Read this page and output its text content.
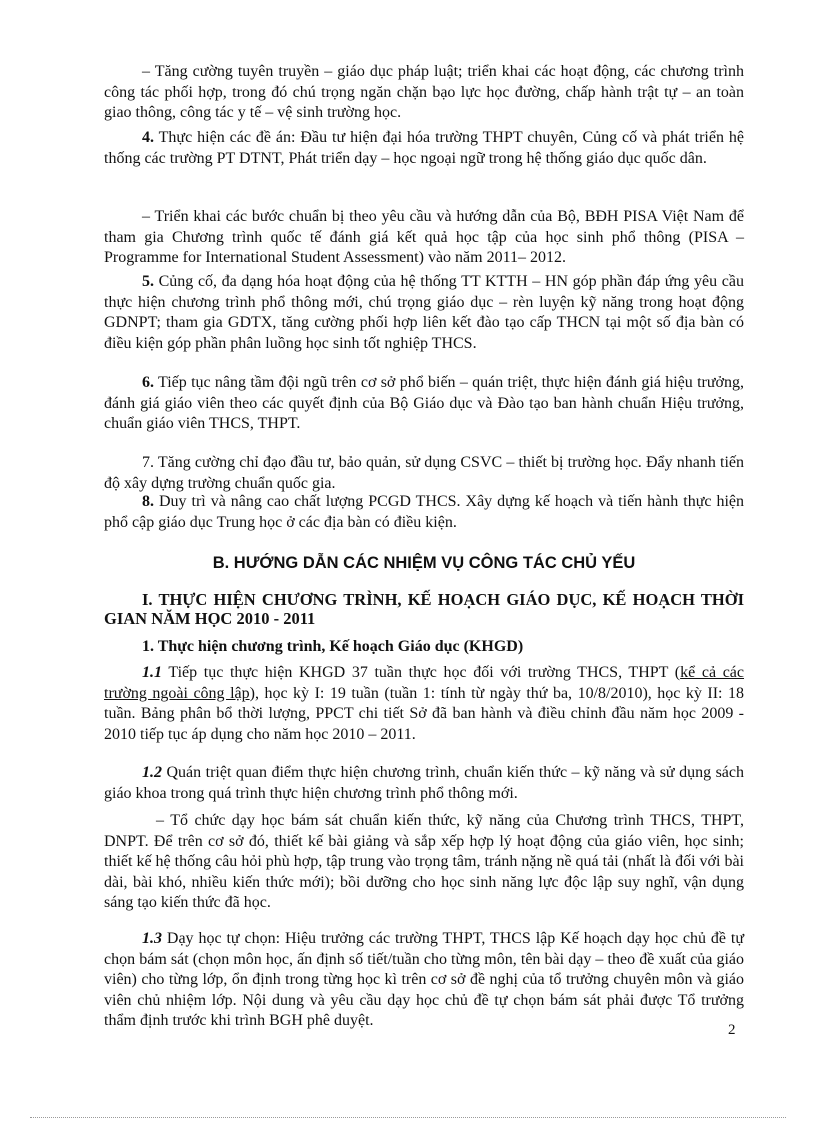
– Tăng cường tuyên truyền – giáo dục pháp luật; triển khai các hoạt động, các chương trình công tác phối hợp, trong đó chú trọng ngăn chặn bạo lực học đường, chấp hành trật tự – an toàn giao thông, công tác y tế – vệ sinh trường học.

4. Thực hiện các đề án: Đầu tư hiện đại hóa trường THPT chuyên, Củng cố và phát triển hệ thống các trường PT DTNT, Phát triển dạy – học ngoại ngữ trong hệ thống giáo dục quốc dân.

– Triển khai các bước chuẩn bị theo yêu cầu và hướng dẫn của Bộ, BĐH PISA Việt Nam để tham gia Chương trình quốc tế đánh giá kết quả học tập của học sinh phổ thông (PISA – Programme for International Student Assessment) vào năm 2011– 2012.

5. Củng cố, đa dạng hóa hoạt động của hệ thống TT KTTH – HN góp phần đáp ứng yêu cầu thực hiện chương trình phổ thông mới, chú trọng giáo dục – rèn luyện kỹ năng trong hoạt động GDNPT; tham gia GDTX, tăng cường phối hợp liên kết đào tạo cấp THCN tại một số địa bàn có điều kiện góp phần phân luồng học sinh tốt nghiệp THCS.

6. Tiếp tục nâng tầm đội ngũ trên cơ sở phổ biến – quán triệt, thực hiện đánh giá hiệu trưởng, đánh giá giáo viên theo các quyết định của Bộ Giáo dục và Đào tạo ban hành chuẩn Hiệu trưởng, chuẩn giáo viên THCS, THPT.

7. Tăng cường chỉ đạo đầu tư, bảo quản, sử dụng CSVC – thiết bị trường học. Đẩy nhanh tiến độ xây dựng trường chuẩn quốc gia.

8. Duy trì và nâng cao chất lượng PCGD THCS. Xây dựng kế hoạch và tiến hành thực hiện phổ cập giáo dục Trung học ở các địa bàn có điều kiện.

B. HƯỚNG DẪN CÁC NHIỆM VỤ CÔNG TÁC CHỦ YẾU
I. THỰC HIỆN CHƯƠNG TRÌNH, KẾ HOẠCH GIÁO DỤC, KẾ HOẠCH THỜI GIAN NĂM HỌC 2010 - 2011
1. Thực hiện chương trình, Kế hoạch Giáo dục (KHGD)

1.1 Tiếp tục thực hiện KHGD 37 tuần thực học đối với trường THCS, THPT (kể cả các trường ngoài công lập), học kỳ I: 19 tuần (tuần 1: tính từ ngày thứ ba, 10/8/2010), học kỳ II: 18 tuần. Bảng phân bổ thời lượng, PPCT chi tiết Sở đã ban hành và điều chỉnh đầu năm học 2009 - 2010 tiếp tục áp dụng cho năm học 2010 – 2011.

1.2 Quán triệt quan điểm thực hiện chương trình, chuẩn kiến thức – kỹ năng và sử dụng sách giáo khoa trong quá trình thực hiện chương trình phổ thông mới.

– Tổ chức dạy học bám sát chuẩn kiến thức, kỹ năng của Chương trình THCS, THPT, DNPT. Để trên cơ sở đó, thiết kế bài giảng và sắp xếp hợp lý hoạt động của giáo viên, học sinh; thiết kế hệ thống câu hỏi phù hợp, tập trung vào trọng tâm, tránh nặng nề quá tải (nhất là đối với bài dài, bài khó, nhiều kiến thức mới); bồi dưỡng cho học sinh năng lực độc lập suy nghĩ, vận dụng sáng tạo kiến thức đã học.

1.3 Dạy học tự chọn: Hiệu trưởng các trường THPT, THCS lập Kế hoạch dạy học chủ đề tự chọn bám sát (chọn môn học, ấn định số tiết/tuần cho từng môn, tên bài dạy – theo đề xuất của giáo viên) cho từng lớp, ổn định trong từng học kì trên cơ sở đề nghị của tổ trưởng chuyên môn và giáo viên chủ nhiệm lớp. Nội dung và yêu cầu dạy học chủ đề tự chọn bám sát phải được Tổ trưởng thẩm định trước khi trình BGH phê duyệt.

2
